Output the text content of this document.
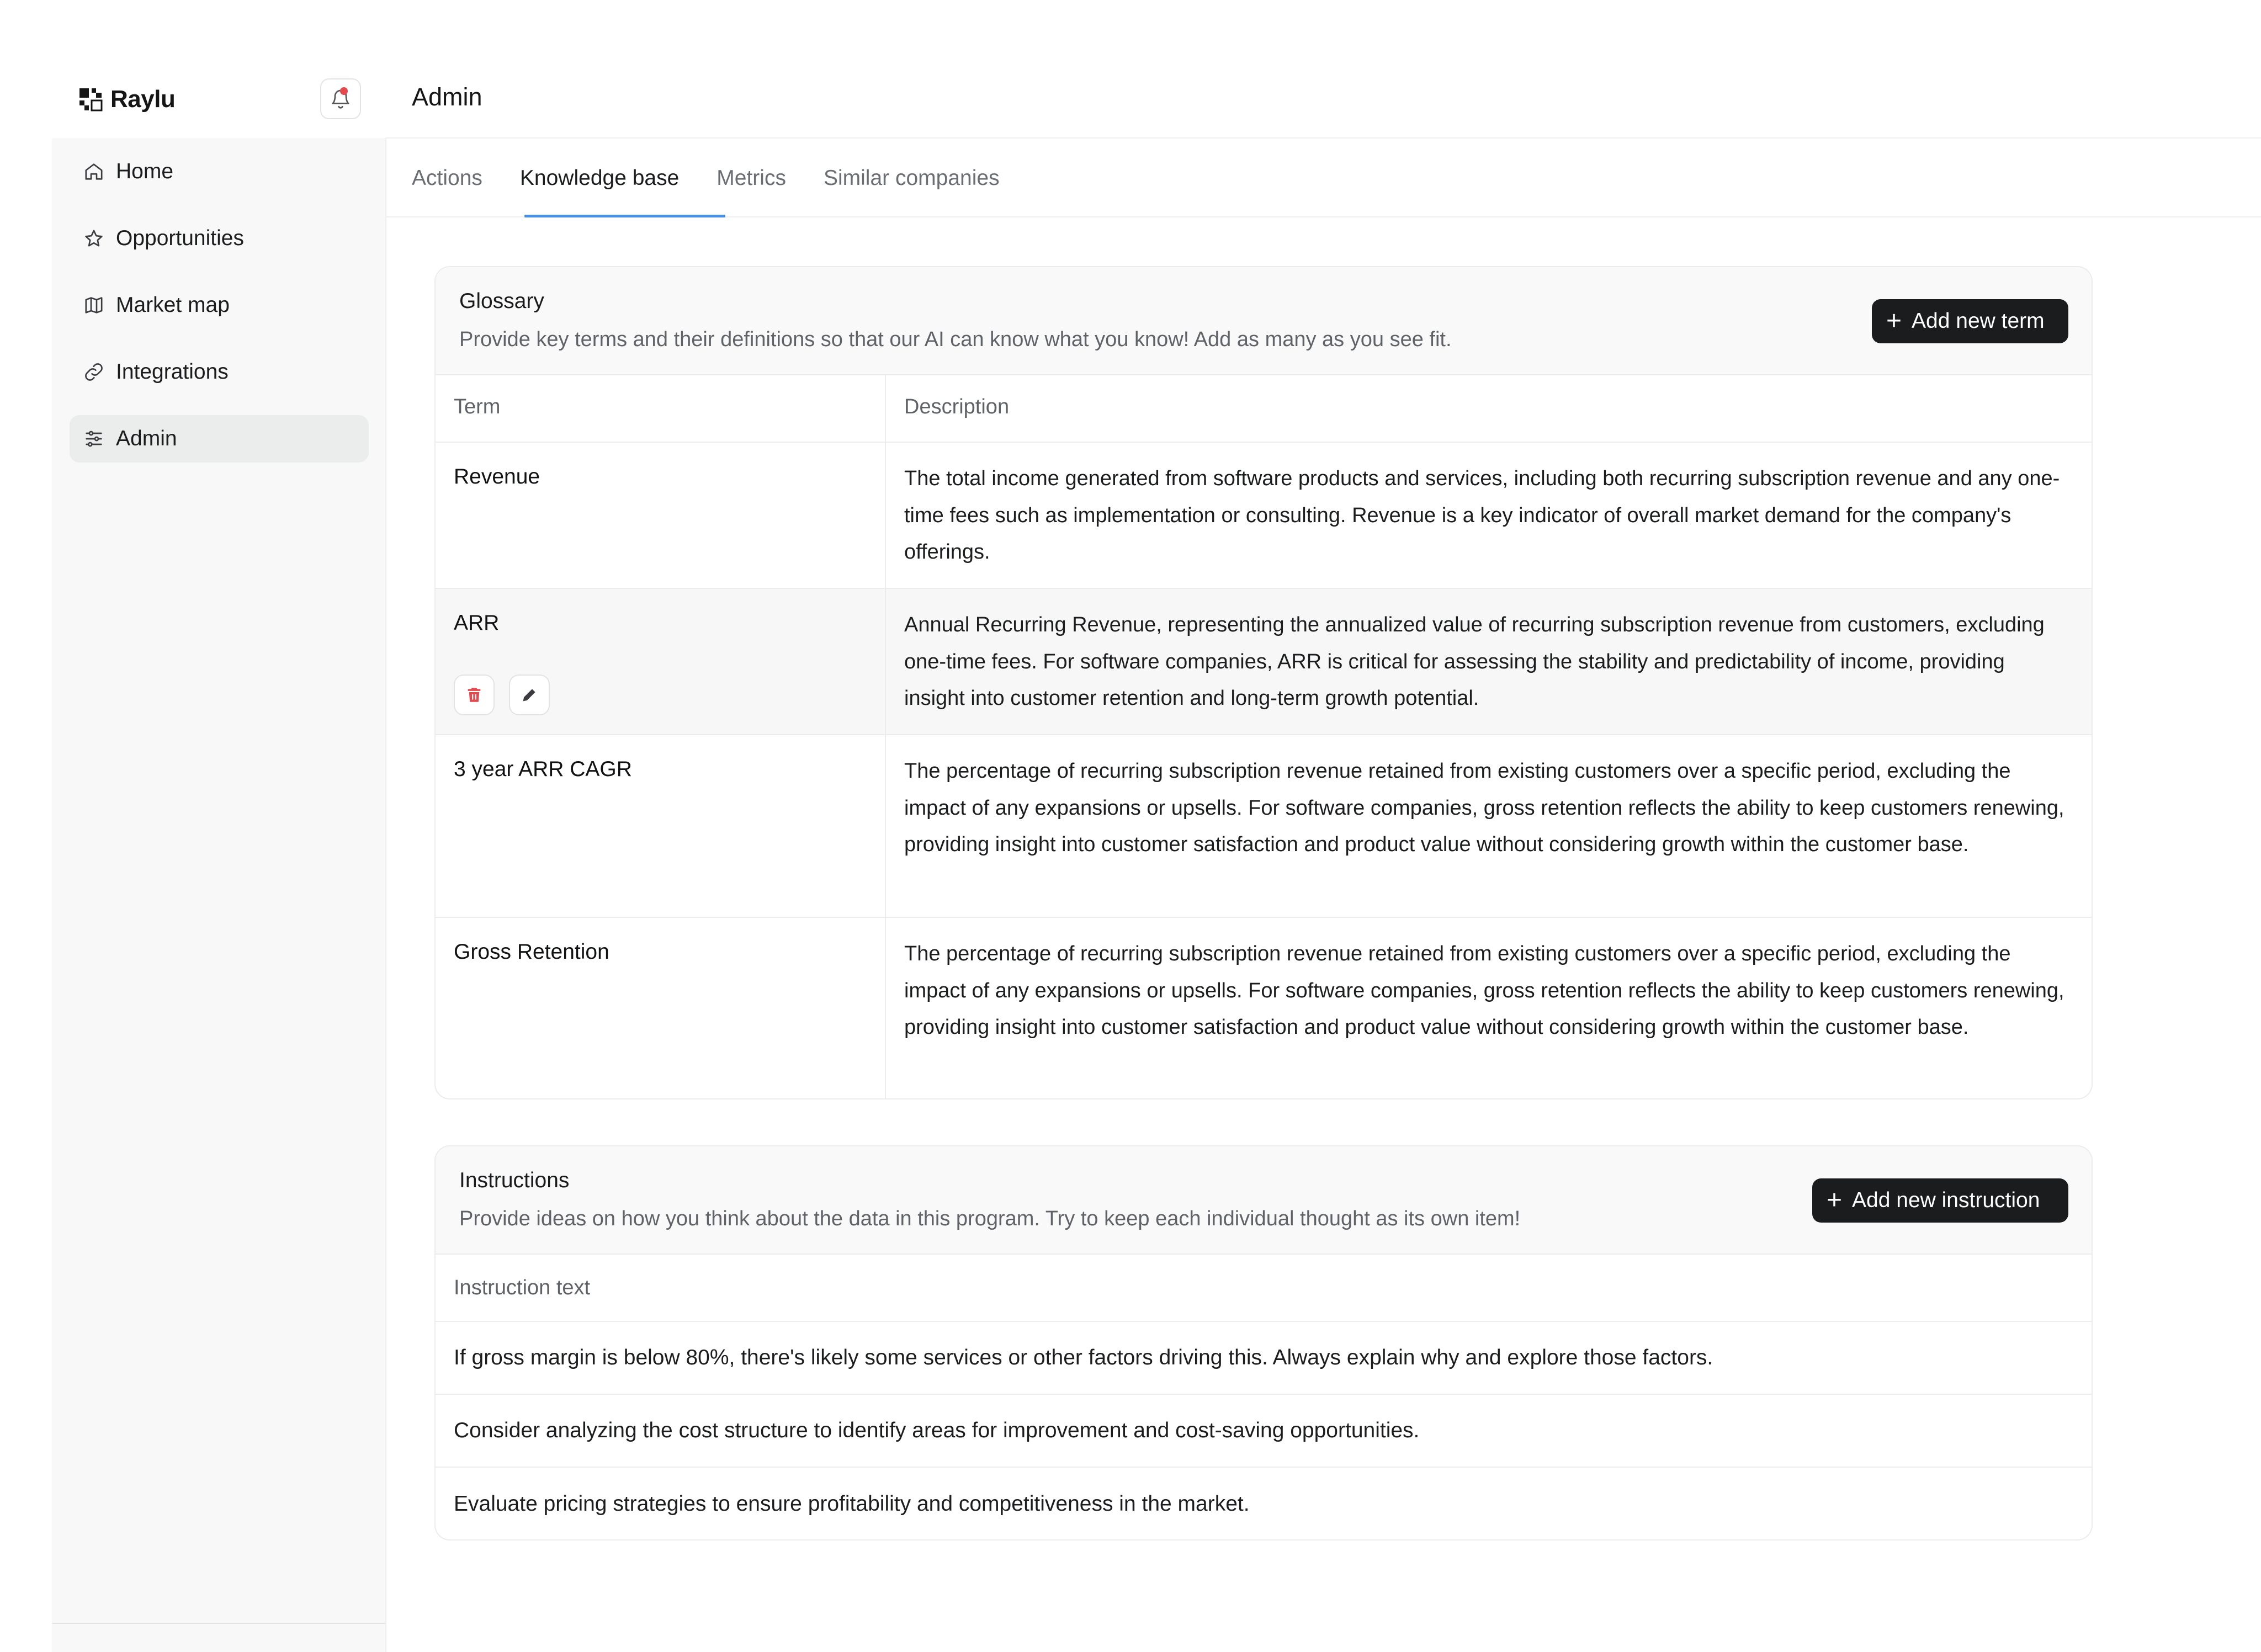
Raylu
Home
Opportunities
Market map
Integrations
Admin
Admin
Actions Knowledge base Metrics Similar companies
Glossary
Provide key terms and their definitions so that our AI can know what you know! Add as many as you see fit.
+ Add new term
Term	Description
Revenue	The total income generated from software products and services, including both recurring subscription revenue and any one-time fees such as implementation or consulting. Revenue is a key indicator of overall market demand for the company's offerings.
ARR	Annual Recurring Revenue, representing the annualized value of recurring subscription revenue from customers, excluding one-time fees. For software companies, ARR is critical for assessing the stability and predictability of income, providing insight into customer retention and long-term growth potential.
3 year ARR CAGR	The percentage of recurring subscription revenue retained from existing customers over a specific period, excluding the impact of any expansions or upsells. For software companies, gross retention reflects the ability to keep customers renewing, providing insight into customer satisfaction and product value without considering growth within the customer base.
Gross Retention	The percentage of recurring subscription revenue retained from existing customers over a specific period, excluding the impact of any expansions or upsells. For software companies, gross retention reflects the ability to keep customers renewing, providing insight into customer satisfaction and product value without considering growth within the customer base.
Instructions
Provide ideas on how you think about the data in this program. Try to keep each individual thought as its own item!
+ Add new instruction
Instruction text
If gross margin is below 80%, there's likely some services or other factors driving this. Always explain why and explore those factors.
Consider analyzing the cost structure to identify areas for improvement and cost-saving opportunities.
Evaluate pricing strategies to ensure profitability and competitiveness in the market.
